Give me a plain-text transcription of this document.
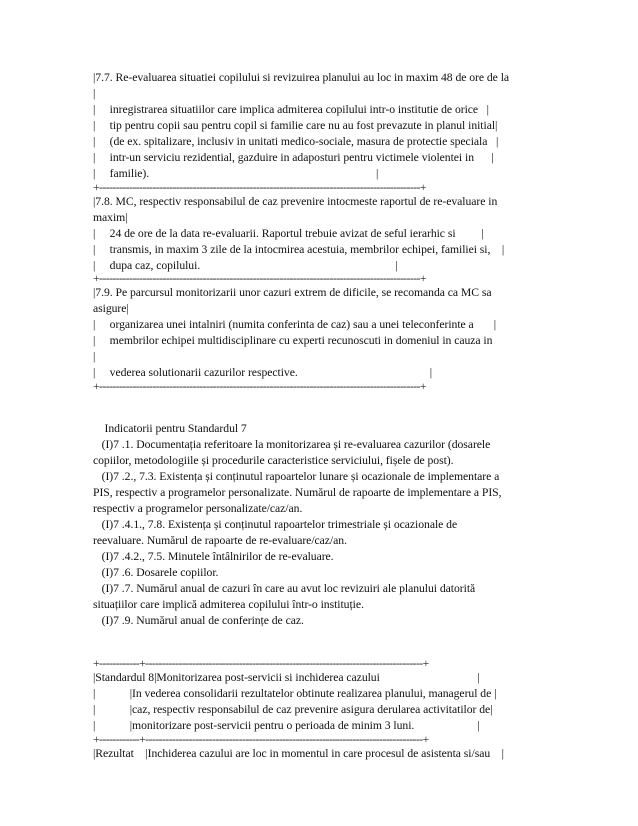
|7.7. Re-evaluarea situatiei copilului si revizuirea planului au loc in maxim 48 de ore de la
|
|     inregistrarea situatiilor care implica admiterea copilului intr-o institutie de orice   |
|     tip pentru copii sau pentru copil si familie care nu au fost prevazute in planul initial|
|     (de ex. spitalizare, inclusiv in unitati medico-sociale, masura de protectie speciala   |
|     intr-un serviciu rezidential, gazduire in adaposturi pentru victimele violentei in      |
|     familie).                                                                               |
+------------------------------------------------------------------------------------------------+
|7.8. MC, respectiv responsabilul de caz prevenire intocmeste raportul de re-evaluare in
maxim|
|     24 de ore de la data re-evaluarii. Raportul trebuie avizat de seful ierarhic si         |
|     transmis, in maxim 3 zile de la intocmirea acestuia, membrilor echipei, familiei si,    |
|     dupa caz, copilului.                                                                    |
+------------------------------------------------------------------------------------------------+
|7.9. Pe parcursul monitorizarii unor cazuri extrem de dificile, se recomanda ca MC sa
asigure|
|     organizarea unei intalniri (numita conferinta de caz) sau a unei teleconferinte a       |
|     membrilor echipei multidisciplinare cu experti recunoscuti in domeniul in cauza in
|
|     vederea solutionarii cazurilor respective.                                              |
+------------------------------------------------------------------------------------------------+
Indicatorii pentru Standardul 7
(I)7 .1. Documentația referitoare la monitorizarea și re-evaluarea cazurilor (dosarele
copiilor, metodologiile și procedurile caracteristice serviciului, fișele de post).
(I)7 .2., 7.3. Existența și conținutul rapoartelor lunare și ocazionale de implementare a
PIS, respectiv a programelor personalizate. Numărul de rapoarte de implementare a PIS,
respectiv a programelor personalizate/caz/an.
(I)7 .4.1., 7.8. Existența și conținutul rapoartelor trimestriale și ocazionale de
reevaluare. Numărul de rapoarte de re-evaluare/caz/an.
(I)7 .4.2., 7.5. Minutele întâlnirilor de re-evaluare.
(I)7 .6. Dosarele copiilor.
(I)7 .7. Numărul anual de cazuri în care au avut loc revizuiri ale planului datorită
situațiilor care implică admiterea copilului într-o instituție.
(I)7 .9. Numărul anual de conferințe de caz.
+------------+-----------------------------------------------------------------------------------+
|Standardul 8|Monitorizarea post-servicii si inchiderea cazului                                  |
|            |In vederea consolidarii rezultatelor obtinute realizarea planului, managerul de |
|            |caz, respectiv responsabilul de caz prevenire asigura derularea activitatilor de|
|            |monitorizare post-servicii pentru o perioada de minim 3 luni.                      |
+------------+-----------------------------------------------------------------------------------+
|Rezultat    |Inchiderea cazului are loc in momentul in care procesul de asistenta si/sau    |
